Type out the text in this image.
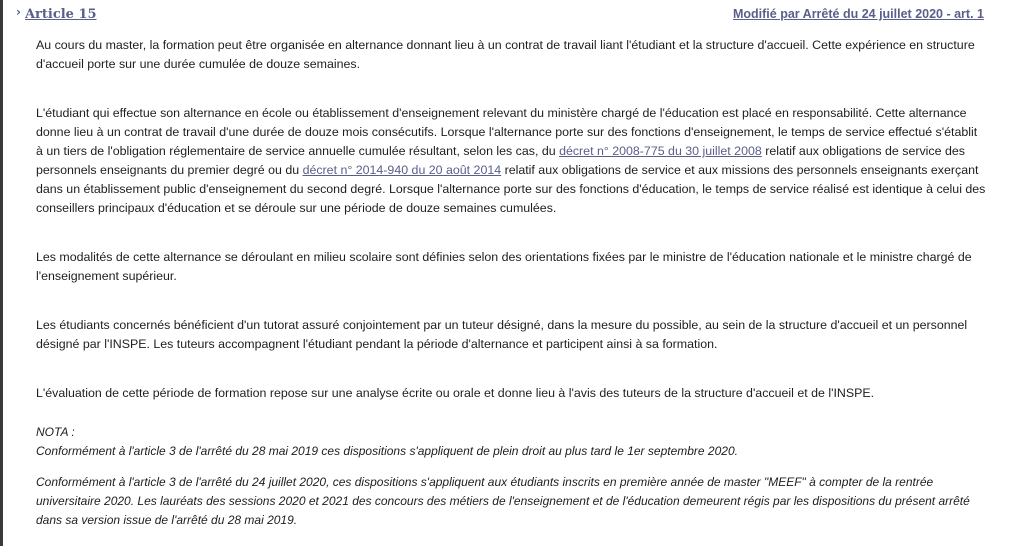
› Article 15	Modifié par Arrêté du 24 juillet 2020 - art. 1

Au cours du master, la formation peut être organisée en alternance donnant lieu à un contrat de travail liant l'étudiant et la structure d'accueil. Cette expérience en structure d'accueil porte sur une durée cumulée de douze semaines.

L'étudiant qui effectue son alternance en école ou établissement d'enseignement relevant du ministère chargé de l'éducation est placé en responsabilité. Cette alternance donne lieu à un contrat de travail d'une durée de douze mois consécutifs. Lorsque l'alternance porte sur des fonctions d'enseignement, le temps de service effectué s'établit à un tiers de l'obligation réglementaire de service annuelle cumulée résultant, selon les cas, du décret n° 2008-775 du 30 juillet 2008 relatif aux obligations de service des personnels enseignants du premier degré ou du décret n° 2014-940 du 20 août 2014 relatif aux obligations de service et aux missions des personnels enseignants exerçant dans un établissement public d'enseignement du second degré. Lorsque l'alternance porte sur des fonctions d'éducation, le temps de service réalisé est identique à celui des conseillers principaux d'éducation et se déroule sur une période de douze semaines cumulées.

Les modalités de cette alternance se déroulant en milieu scolaire sont définies selon des orientations fixées par le ministre de l'éducation nationale et le ministre chargé de l'enseignement supérieur.

Les étudiants concernés bénéficient d'un tutorat assuré conjointement par un tuteur désigné, dans la mesure du possible, au sein de la structure d'accueil et un personnel désigné par l'INSPE. Les tuteurs accompagnent l'étudiant pendant la période d'alternance et participent ainsi à sa formation.

L'évaluation de cette période de formation repose sur une analyse écrite ou orale et donne lieu à l'avis des tuteurs de la structure d'accueil et de l'INSPE.

NOTA :

Conformément à l'article 3 de l'arrêté du 28 mai 2019 ces dispositions s'appliquent de plein droit au plus tard le 1er septembre 2020.

Conformément à l'article 3 de l'arrêté du 24 juillet 2020, ces dispositions s'appliquent aux étudiants inscrits en première année de master "MEEF" à compter de la rentrée universitaire 2020. Les lauréats des sessions 2020 et 2021 des concours des métiers de l'enseignement et de l'éducation demeurent régis par les dispositions du présent arrêté dans sa version issue de l'arrêté du 28 mai 2019.
